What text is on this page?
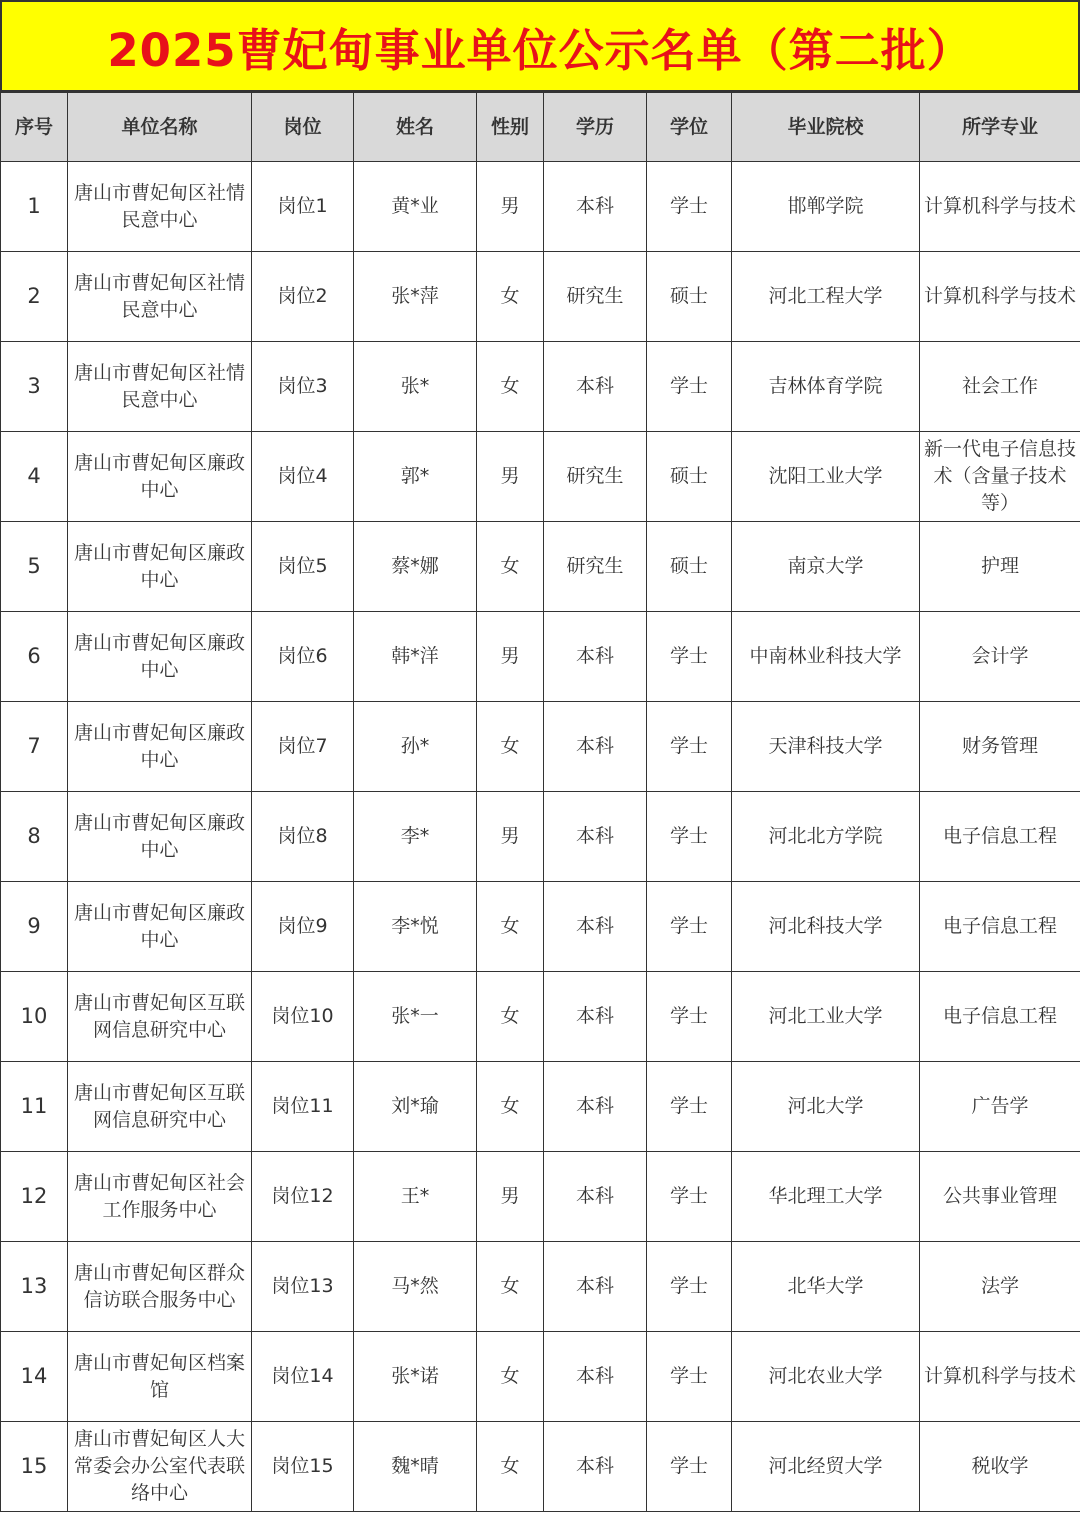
2025曹妃甸事业单位公示名单（第二批）
序号	单位名称	岗位	姓名	性别	学历	学位	毕业院校	所学专业
1	唐山市曹妃甸区社情民意中心	岗位1	黄*业	男	本科	学士	邯郸学院	计算机科学与技术
2	唐山市曹妃甸区社情民意中心	岗位2	张*萍	女	研究生	硕士	河北工程大学	计算机科学与技术
3	唐山市曹妃甸区社情民意中心	岗位3	张*	女	本科	学士	吉林体育学院	社会工作
4	唐山市曹妃甸区廉政中心	岗位4	郭*	男	研究生	硕士	沈阳工业大学	新一代电子信息技术（含量子技术等）
5	唐山市曹妃甸区廉政中心	岗位5	蔡*娜	女	研究生	硕士	南京大学	护理
6	唐山市曹妃甸区廉政中心	岗位6	韩*洋	男	本科	学士	中南林业科技大学	会计学
7	唐山市曹妃甸区廉政中心	岗位7	孙*	女	本科	学士	天津科技大学	财务管理
8	唐山市曹妃甸区廉政中心	岗位8	李*	男	本科	学士	河北北方学院	电子信息工程
9	唐山市曹妃甸区廉政中心	岗位9	李*悦	女	本科	学士	河北科技大学	电子信息工程
10	唐山市曹妃甸区互联网信息研究中心	岗位10	张*一	女	本科	学士	河北工业大学	电子信息工程
11	唐山市曹妃甸区互联网信息研究中心	岗位11	刘*瑜	女	本科	学士	河北大学	广告学
12	唐山市曹妃甸区社会工作服务中心	岗位12	王*	男	本科	学士	华北理工大学	公共事业管理
13	唐山市曹妃甸区群众信访联合服务中心	岗位13	马*然	女	本科	学士	北华大学	法学
14	唐山市曹妃甸区档案馆	岗位14	张*诺	女	本科	学士	河北农业大学	计算机科学与技术
15	唐山市曹妃甸区人大常委会办公室代表联络中心	岗位15	魏*晴	女	本科	学士	河北经贸大学	税收学
